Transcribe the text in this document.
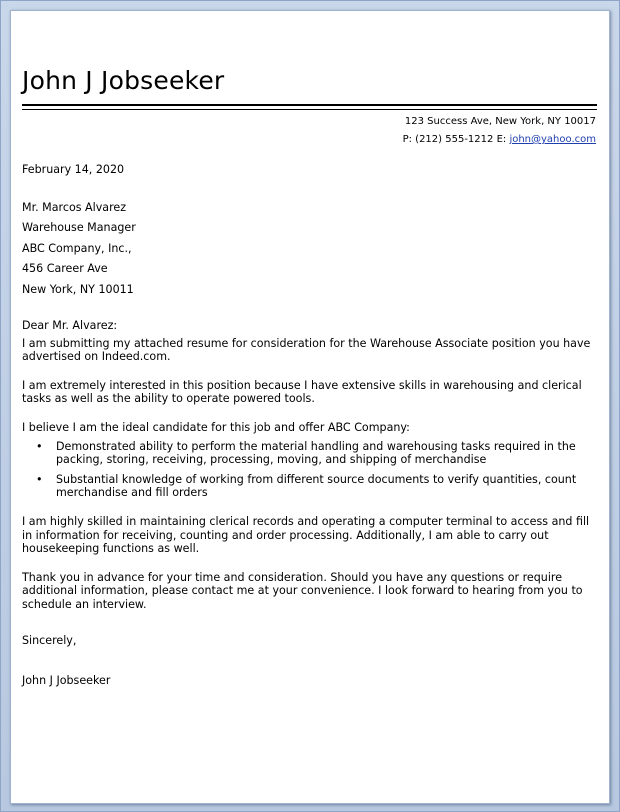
John J Jobseeker
123 Success Ave, New York, NY 10017
P: (212) 555-1212 E: john@yahoo.com

February 14, 2020

Mr. Marcos Alvarez
Warehouse Manager
ABC Company, Inc.,
456 Career Ave
New York, NY 10011

Dear Mr. Alvarez:

I am submitting my attached resume for consideration for the Warehouse Associate position you have advertised on Indeed.com.

I am extremely interested in this position because I have extensive skills in warehousing and clerical tasks as well as the ability to operate powered tools.

I believe I am the ideal candidate for this job and offer ABC Company:

• Demonstrated ability to perform the material handling and warehousing tasks required in the packing, storing, receiving, processing, moving, and shipping of merchandise
• Substantial knowledge of working from different source documents to verify quantities, count merchandise and fill orders

I am highly skilled in maintaining clerical records and operating a computer terminal to access and fill in information for receiving, counting and order processing. Additionally, I am able to carry out housekeeping functions as well.

Thank you in advance for your time and consideration. Should you have any questions or require additional information, please contact me at your convenience. I look forward to hearing from you to schedule an interview.

Sincerely,

John J Jobseeker
